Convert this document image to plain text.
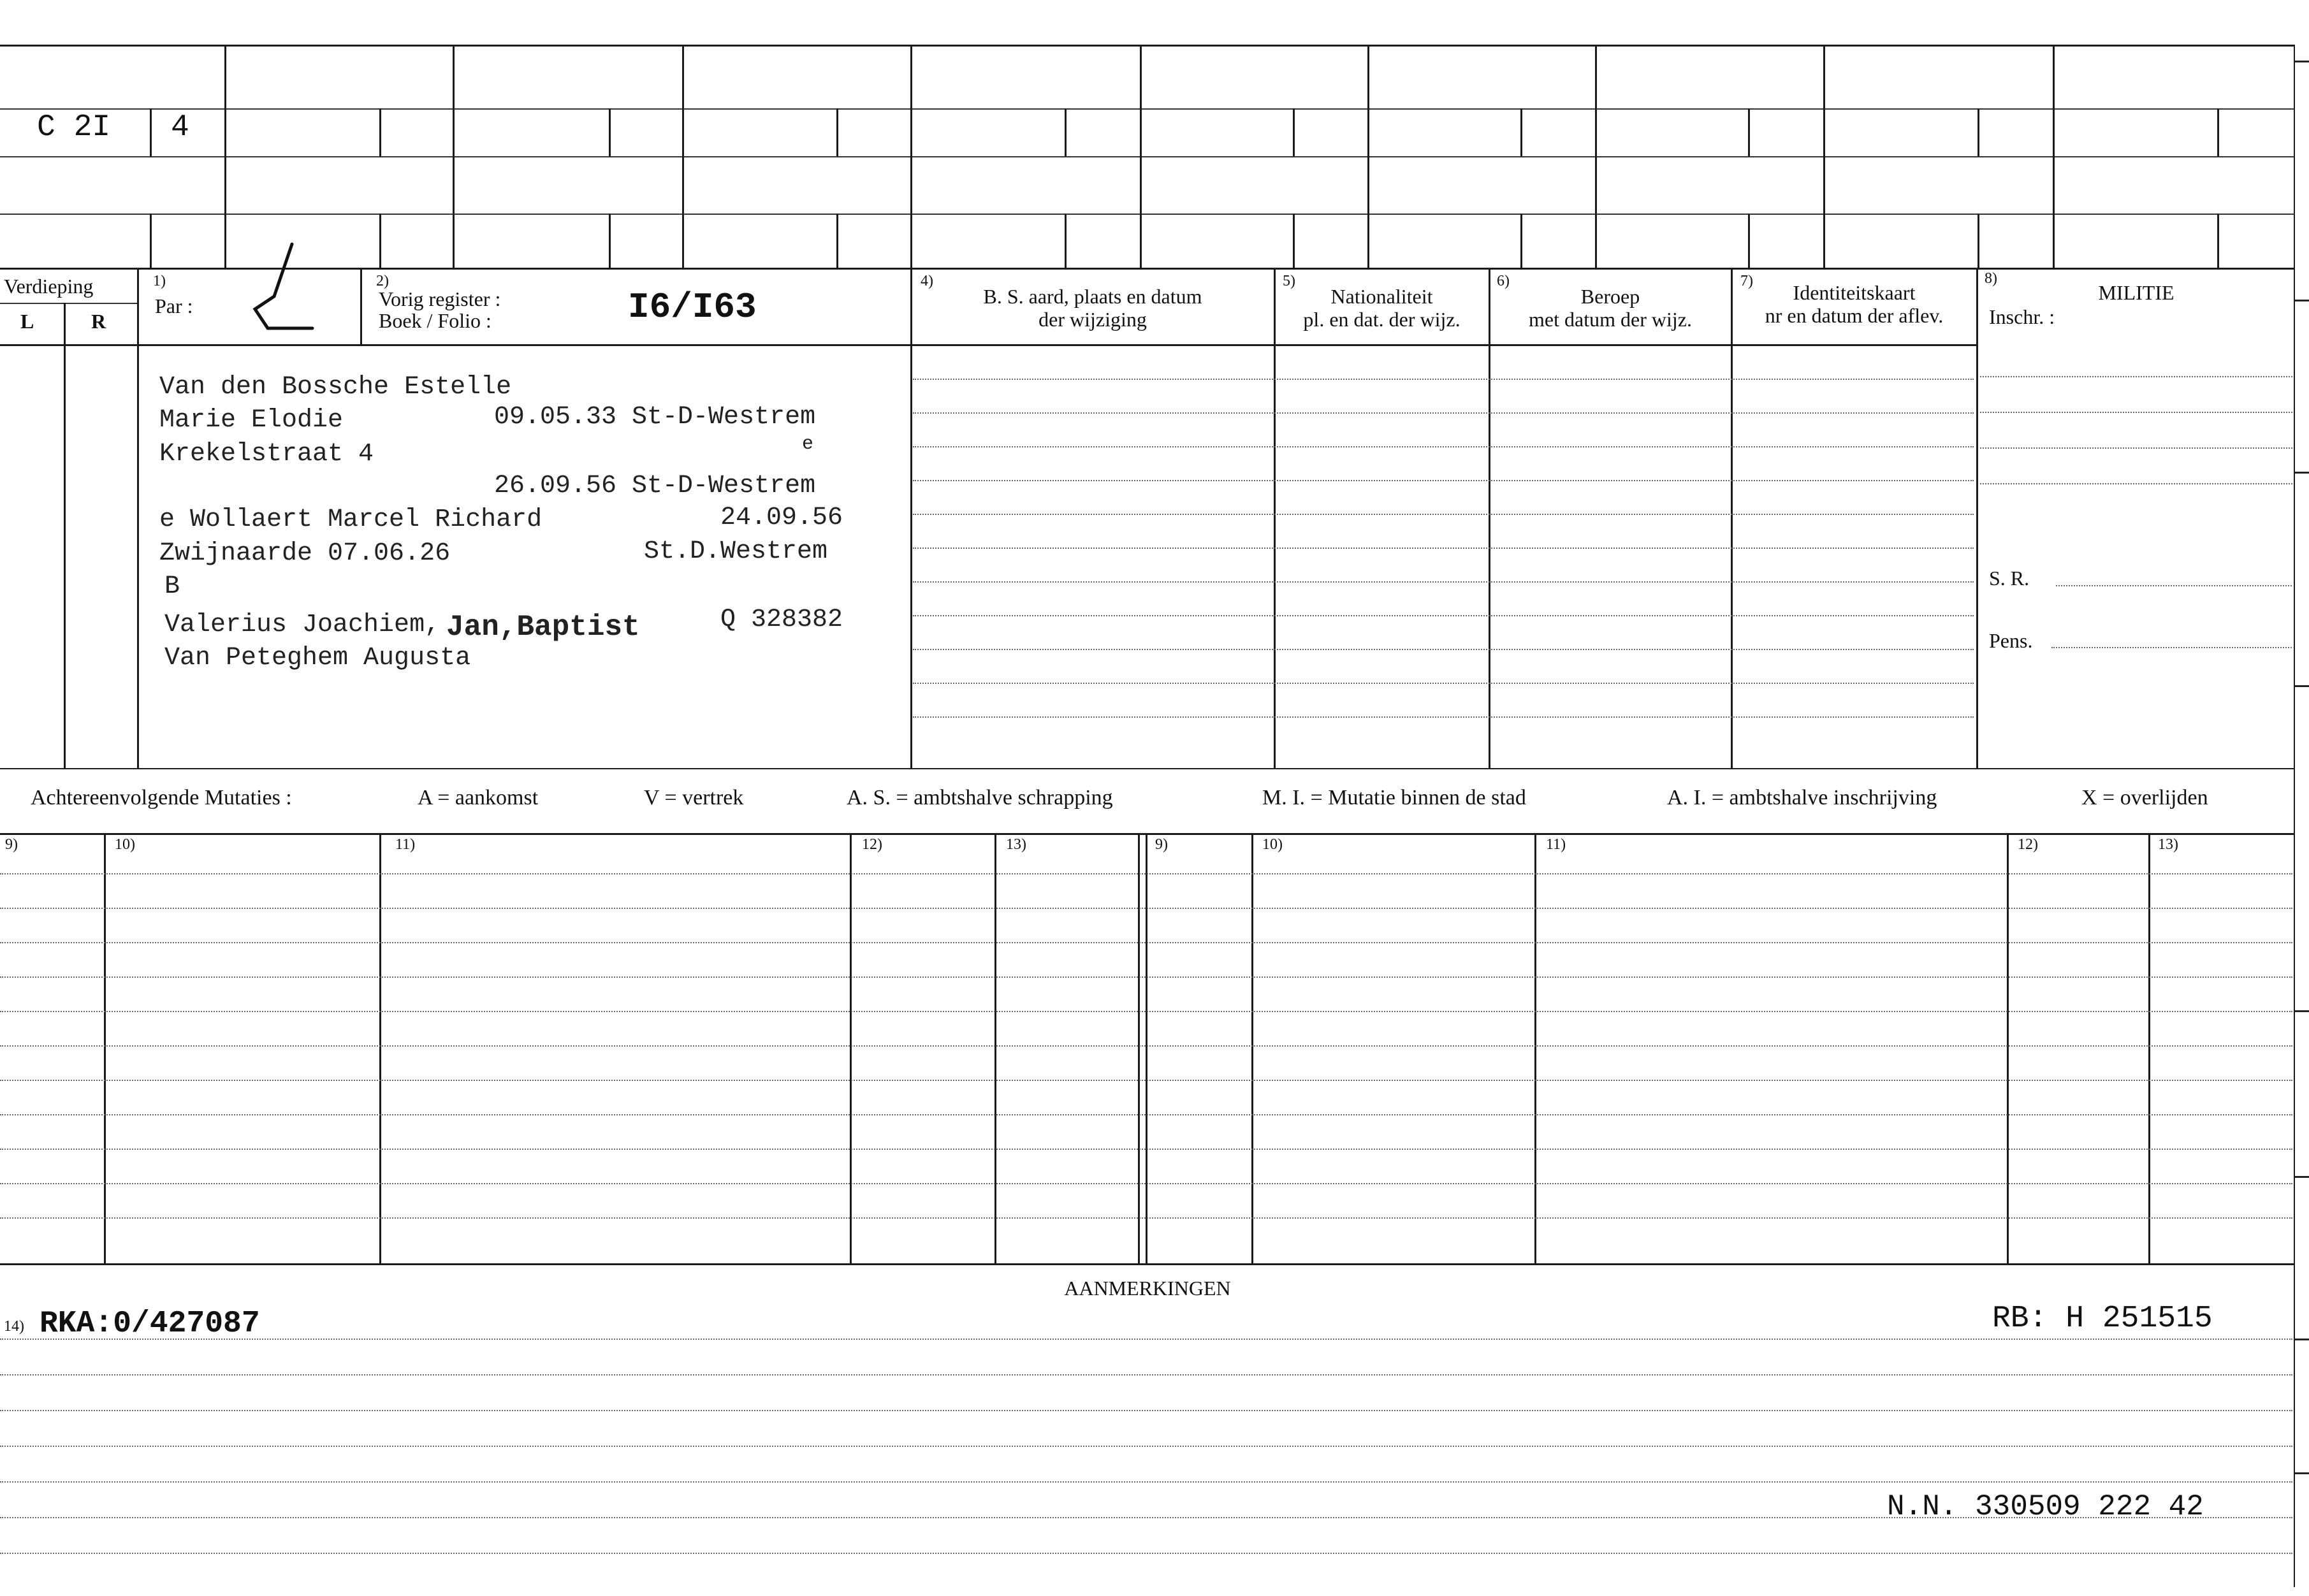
C 2I 4
Verdieping
L	R
1)
Par :
2)
Vorig register :
Boek / Folio :	I6/I63
4)
B. S. aard, plaats en datum
der wijziging
5)
Nationaliteit
pl. en dat. der wijz.
6)
Beroep
met datum der wijz.
7)	Identiteitskaart
nr en datum der aflev.
8)
MILITIE
Inschr. :
S. R.
Pens.
Van den Bossche Estelle
Marie Elodie	09.05.33 St-D-Westrem
Krekelstraat 4	e
26.09.56 St-D-Westrem
e Wollaert Marcel Richard	24.09.56
Zwijnaarde 07.06.26	St.D.Westrem
B
Valerius Joachiem, Jan,Baptist	Q 328382
Van Peteghem Augusta
Achtereenvolgende Mutaties :	A = aankomst	V = vertrek	A. S. = ambtshalve schrapping	M. I. = Mutatie binnen de stad	A. I. = ambtshalve inschrijving	X = overlijden
9)	10)	11)	12)	13)	9)	10)	11)	12)	13)
AANMERKINGEN
14) RKA:0/427087	RB: H 251515
N.N. 330509 222 42
